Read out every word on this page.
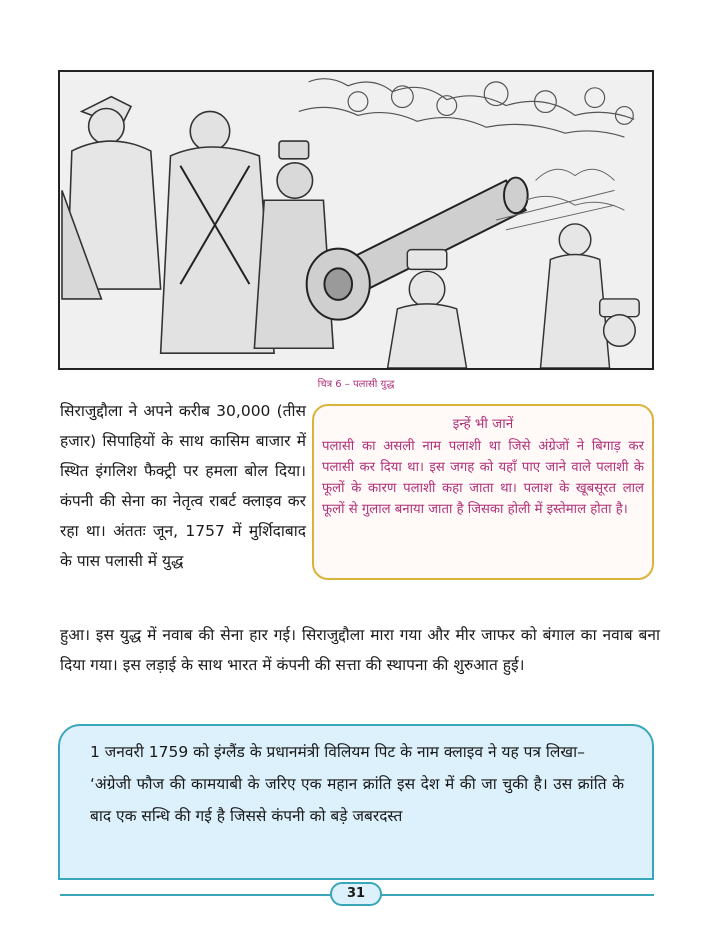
चित्र 6 – पलासी युद्ध
सिराजुद्दौला ने अपने करीब 30,000 (तीस हजार) सिपाहियों के साथ कासिम बाजार में स्थित इंगलिश फैक्ट्री पर हमला बोल दिया। कंपनी की सेना का नेतृत्व राबर्ट क्लाइव कर रहा था। अंततः जून, 1757 में मुर्शिदाबाद के पास पलासी में युद्ध
इन्हें भी जानें
पलासी का असली नाम पलाशी था जिसे अंग्रेजों ने बिगाड़ कर पलासी कर दिया था। इस जगह को यहाँ पाए जाने वाले पलाशी के फूलों के कारण पलाशी कहा जाता था। पलाश के खूबसूरत लाल फूलों से गुलाल बनाया जाता है जिसका होली में इस्तेमाल होता है।
हुआ। इस युद्ध में नवाब की सेना हार गई। सिराजुद्दौला मारा गया और मीर जाफर को बंगाल का नवाब बना दिया गया। इस लड़ाई के साथ भारत में कंपनी की सत्ता की स्थापना की शुरुआत हुई।
1 जनवरी 1759 को इंग्लैंड के प्रधानमंत्री विलियम पिट के नाम क्लाइव ने यह पत्र लिखा–
‘अंग्रेजी फौज की कामयाबी के जरिए एक महान क्रांति इस देश में की जा चुकी है। उस क्रांति के बाद एक सन्धि की गई है जिससे कंपनी को बड़े जबरदस्त
31
